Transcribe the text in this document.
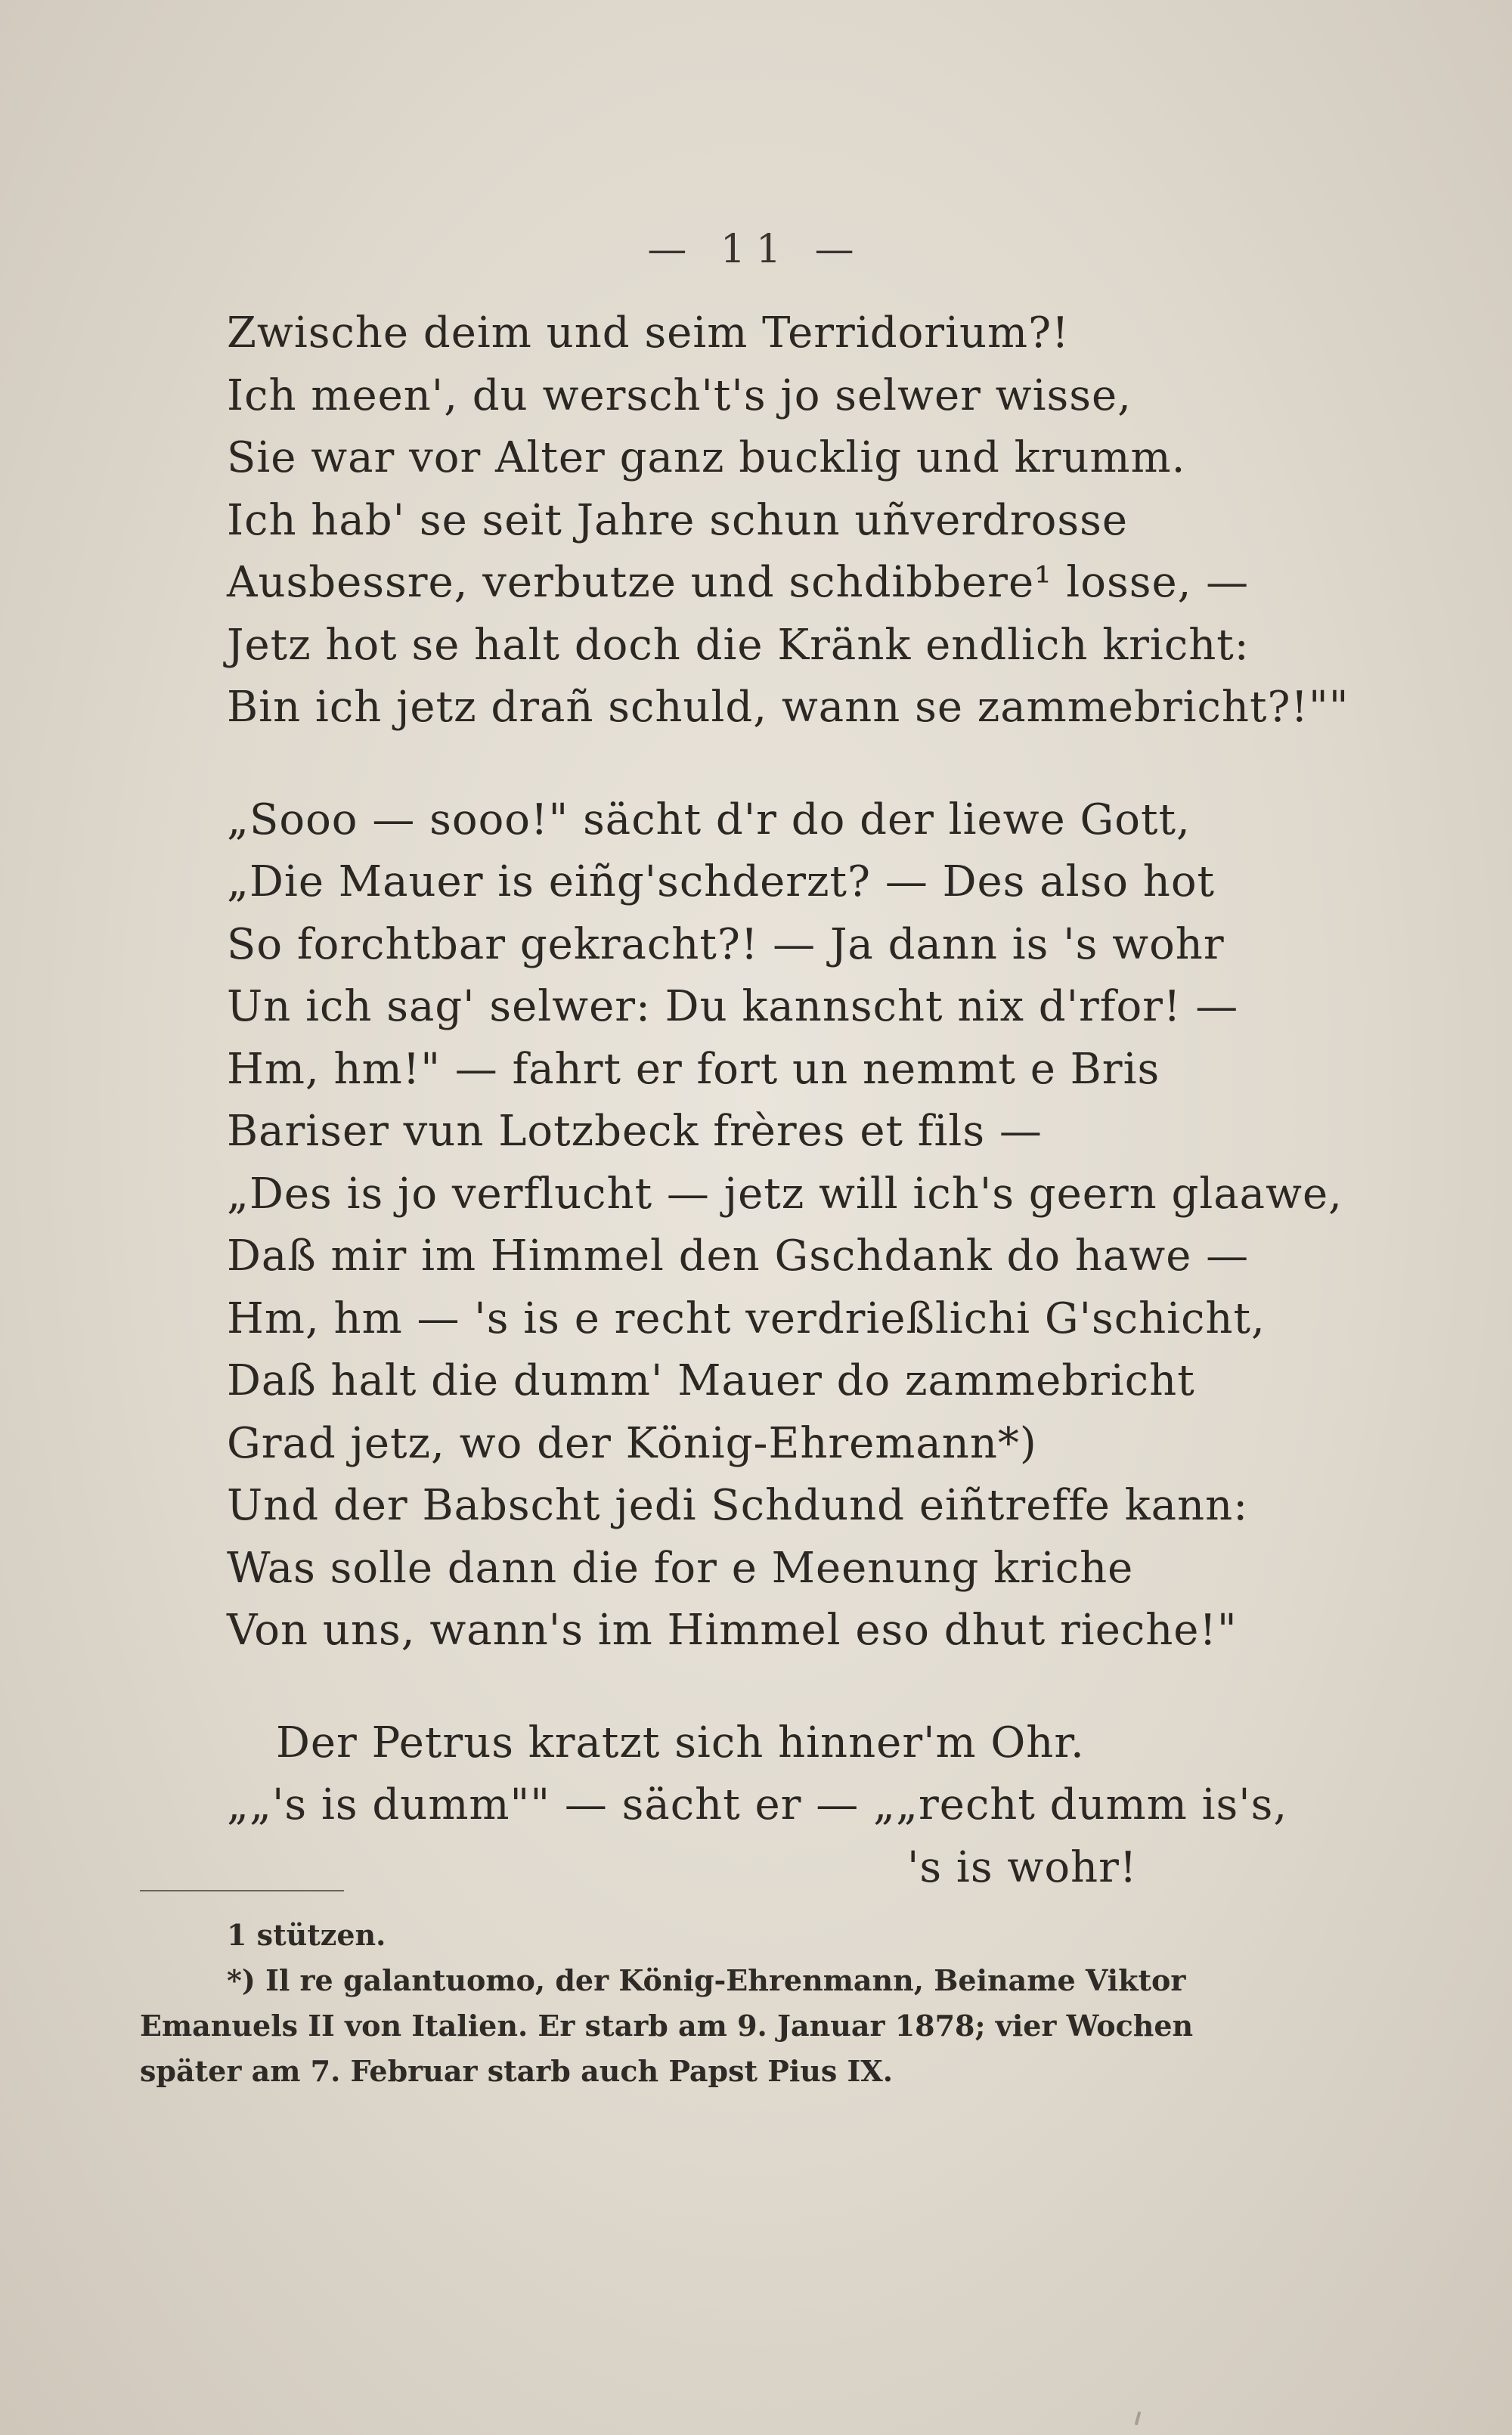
— 11 —
Zwische deim und seim Terridorium?!
Ich meen', du wersch't's jo selwer wisse,
Sie war vor Alter ganz bucklig und krumm.
Ich hab' se seit Jahre schun uñverdrosse
Ausbessre, verbutze und schdibbere¹ losse, —
Jetz hot se halt doch die Kränk endlich kricht:
Bin ich jetz drañ schuld, wann se zammebricht?!""
„Sooo — sooo!" sächt d'r do der liewe Gott,
„Die Mauer is eiñg'schderzt? — Des also hot
So forchtbar gekracht?! — Ja dann is 's wohr
Un ich sag' selwer: Du kannscht nix d'rfor! —
Hm, hm!" — fahrt er fort un nemmt e Bris
Bariser vun Lotzbeck frères et fils —
„Des is jo verflucht — jetz will ich's geern glaawe,
Daß mir im Himmel den Gschdank do hawe —
Hm, hm — 's is e recht verdrießlichi G'schicht,
Daß halt die dumm' Mauer do zammebricht
Grad jetz, wo der König-Ehremann*)
Und der Babscht jedi Schdund eiñtreffe kann:
Was solle dann die for e Meenung kriche
Von uns, wann's im Himmel eso dhut rieche!"
Der Petrus kratzt sich hinner'm Ohr.
„„'s is dumm"" — sächt er — „„recht dumm is's,
's is wohr!
1 stützen.
*) Il re galantuomo, der König-Ehrenmann, Beiname Viktor
Emanuels II von Italien. Er starb am 9. Januar 1878; vier Wochen
später am 7. Februar starb auch Papst Pius IX.
